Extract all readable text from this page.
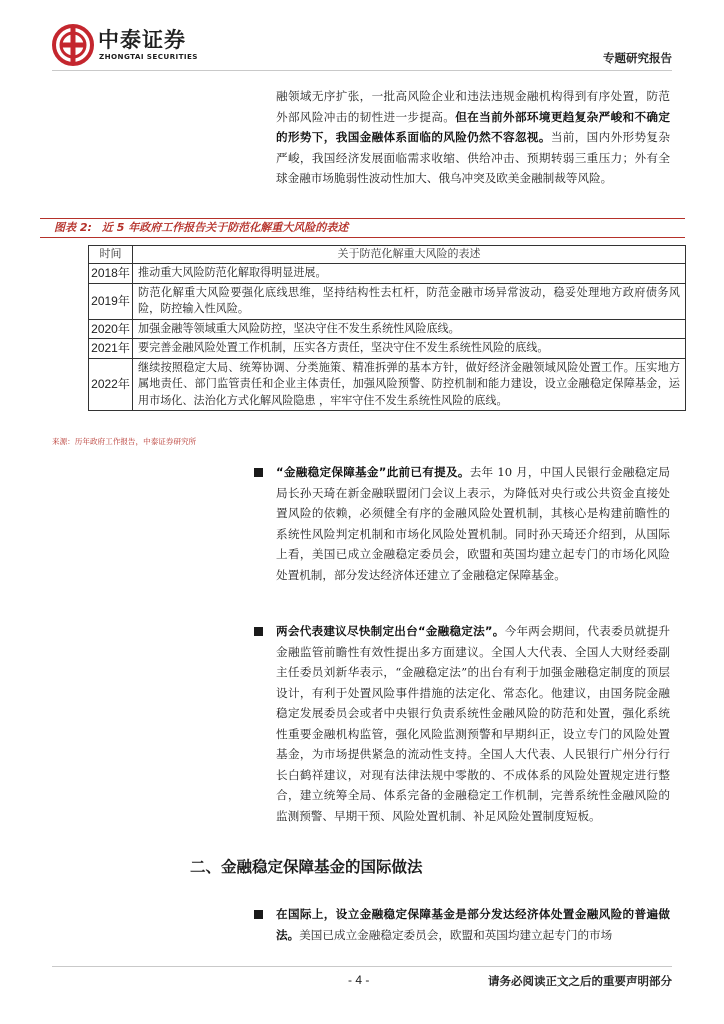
中泰证券
ZHONGTAI SECURITIES	专题研究报告
融领域无序扩张，一批高风险企业和违法违规金融机构得到有序处置，防范外部风险冲击的韧性进一步提高。但在当前外部环境更趋复杂严峻和不确定的形势下，我国金融体系面临的风险仍然不容忽视。当前，国内外形势复杂严峻，我国经济发展面临需求收缩、供给冲击、预期转弱三重压力；外有全球金融市场脆弱性波动性加大、俄乌冲突及欧美金融制裁等风险。
图表 2: 近 5 年政府工作报告关于防范化解重大风险的表述
时间	关于防范化解重大风险的表述
2018年	推动重大风险防范化解取得明显进展。
2019年	防范化解重大风险要强化底线思维，坚持结构性去杠杆，防范金融市场异常波动，稳妥处理地方政府债务风险，防控输入性风险。
2020年	加强金融等领域重大风险防控，坚决守住不发生系统性风险底线。
2021年	要完善金融风险处置工作机制，压实各方责任，坚决守住不发生系统性风险的底线。
2022年	继续按照稳定大局、统筹协调、分类施策、精准拆弹的基本方针，做好经济金融领域风险处置工作。压实地方属地责任、部门监管责任和企业主体责任，加强风险预警、防控机制和能力建设，设立金融稳定保障基金，运用市场化、法治化方式化解风险隐患 ，牢牢守住不发生系统性风险的底线。
来源：历年政府工作报告，中泰证券研究所
“金融稳定保障基金”此前已有提及。去年 10 月，中国人民银行金融稳定局局长孙天琦在新金融联盟闭门会议上表示，为降低对央行或公共资金直接处置风险的依赖，必须健全有序的金融风险处置机制，其核心是构建前瞻性的系统性风险判定机制和市场化风险处置机制。同时孙天琦还介绍到，从国际上看，美国已成立金融稳定委员会，欧盟和英国均建立起专门的市场化风险处置机制，部分发达经济体还建立了金融稳定保障基金。
两会代表建议尽快制定出台“金融稳定法”。今年两会期间，代表委员就提升金融监管前瞻性有效性提出多方面建议。全国人大代表、全国人大财经委副主任委员刘新华表示，“金融稳定法”的出台有利于加强金融稳定制度的顶层设计，有利于处置风险事件措施的法定化、常态化。他建议，由国务院金融稳定发展委员会或者中央银行负责系统性金融风险的防范和处置，强化系统性重要金融机构监管，强化风险监测预警和早期纠正，设立专门的风险处置基金，为市场提供紧急的流动性支持。全国人大代表、人民银行广州分行行长白鹤祥建议，对现有法律法规中零散的、不成体系的风险处置规定进行整合，建立统筹全局、体系完备的金融稳定工作机制，完善系统性金融风险的监测预警、早期干预、风险处置机制、补足风险处置制度短板。
二、金融稳定保障基金的国际做法
在国际上，设立金融稳定保障基金是部分发达经济体处置金融风险的普遍做法。美国已成立金融稳定委员会，欧盟和英国均建立起专门的市场
- 4 -	请务必阅读正文之后的重要声明部分
